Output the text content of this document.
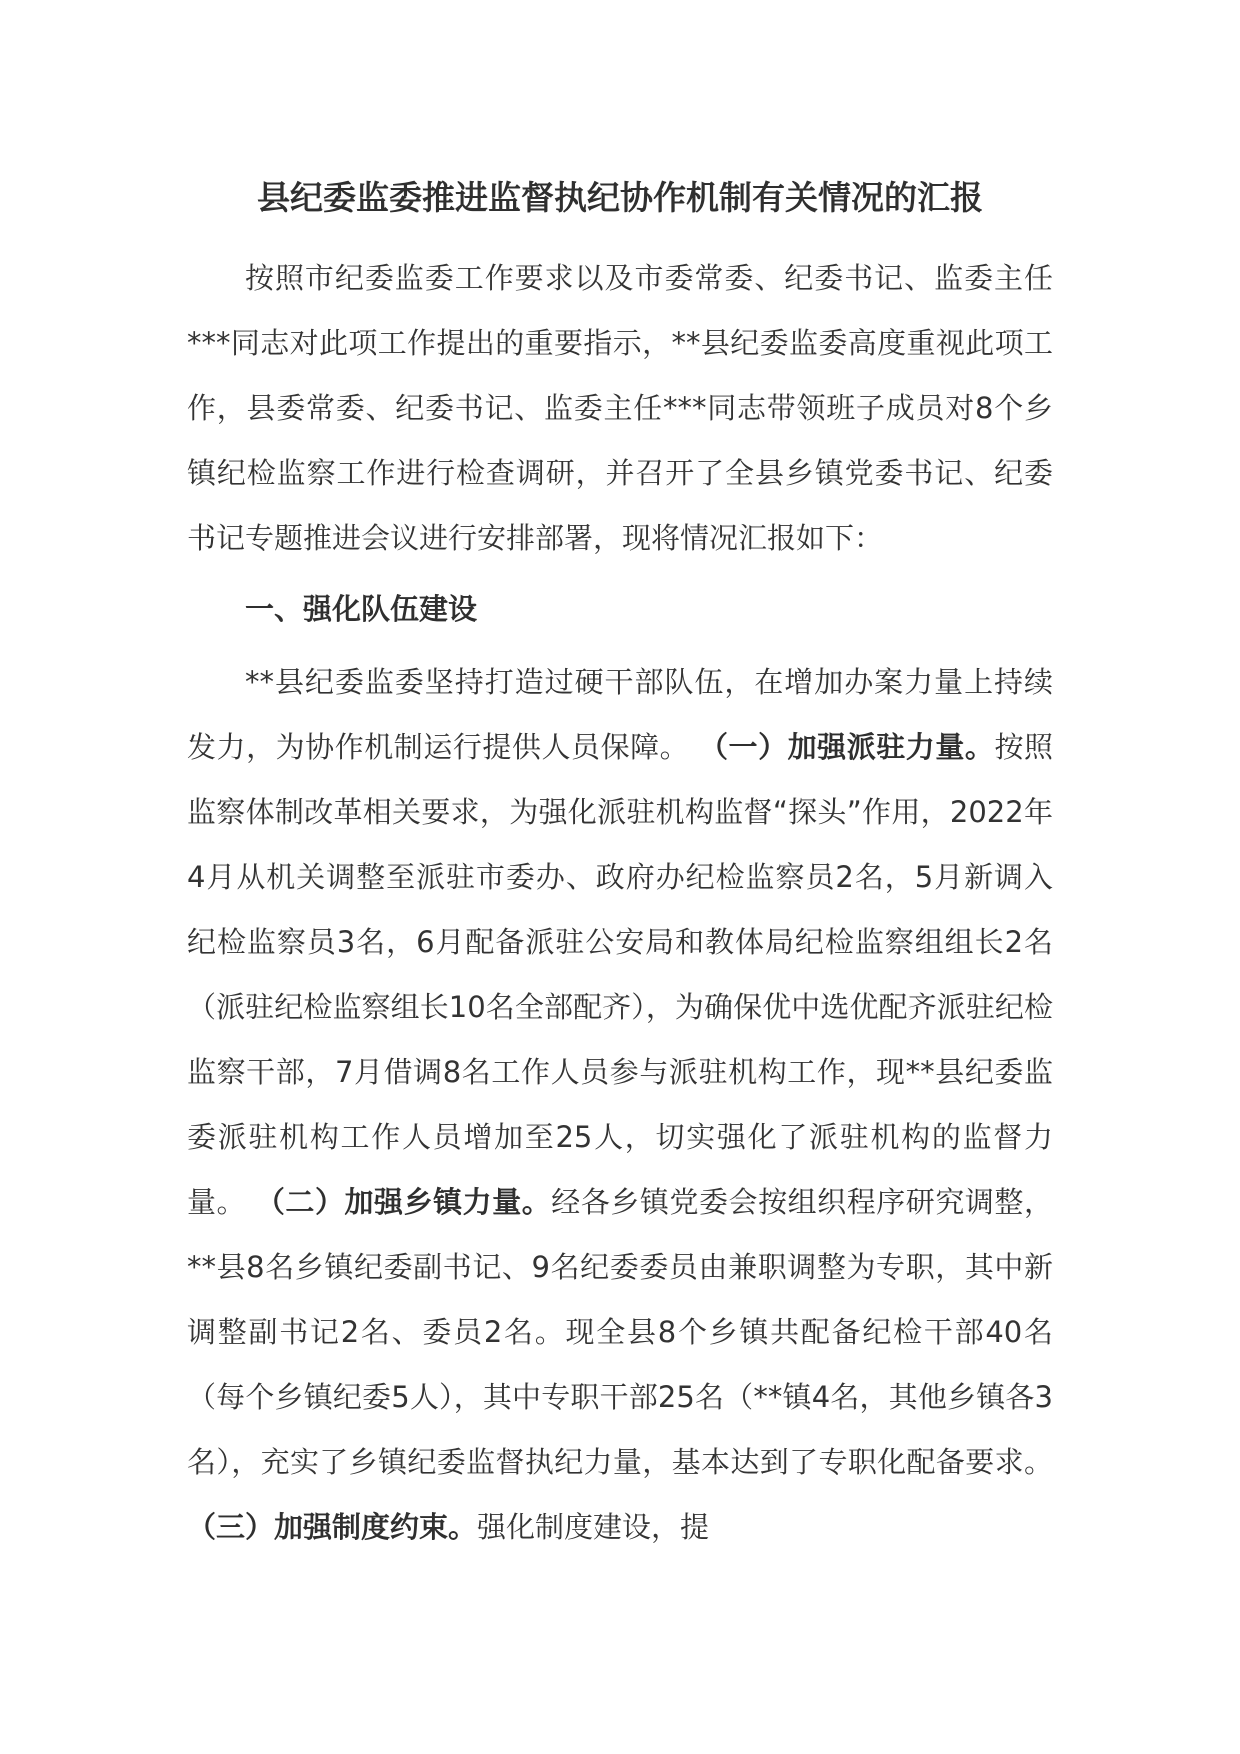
县纪委监委推进监督执纪协作机制有关情况的汇报

按照市纪委监委工作要求以及市委常委、纪委书记、监委主任***同志对此项工作提出的重要指示，**县纪委监委高度重视此项工作，县委常委、纪委书记、监委主任***同志带领班子成员对8个乡镇纪检监察工作进行检查调研，并召开了全县乡镇党委书记、纪委书记专题推进会议进行安排部署，现将情况汇报如下：

一、强化队伍建设

**县纪委监委坚持打造过硬干部队伍，在增加办案力量上持续发力，为协作机制运行提供人员保障。 （一）加强派驻力量。按照监察体制改革相关要求，为强化派驻机构监督“探头”作用，2022年4月从机关调整至派驻市委办、政府办纪检监察员2名，5月新调入纪检监察员3名，6月配备派驻公安局和教体局纪检监察组组长2名（派驻纪检监察组长10名全部配齐），为确保优中选优配齐派驻纪检监察干部，7月借调8名工作人员参与派驻机构工作，现**县纪委监委派驻机构工作人员增加至25人，切实强化了派驻机构的监督力量。 （二）加强乡镇力量。经各乡镇党委会按组织程序研究调整，**县8名乡镇纪委副书记、9名纪委委员由兼职调整为专职，其中新调整副书记2名、委员2名。现全县8个乡镇共配备纪检干部40名（每个乡镇纪委5人），其中专职干部25名（**镇4名，其他乡镇各3名），充实了乡镇纪委监督执纪力量，基本达到了专职化配备要求。 （三）加强制度约束。强化制度建设，提
